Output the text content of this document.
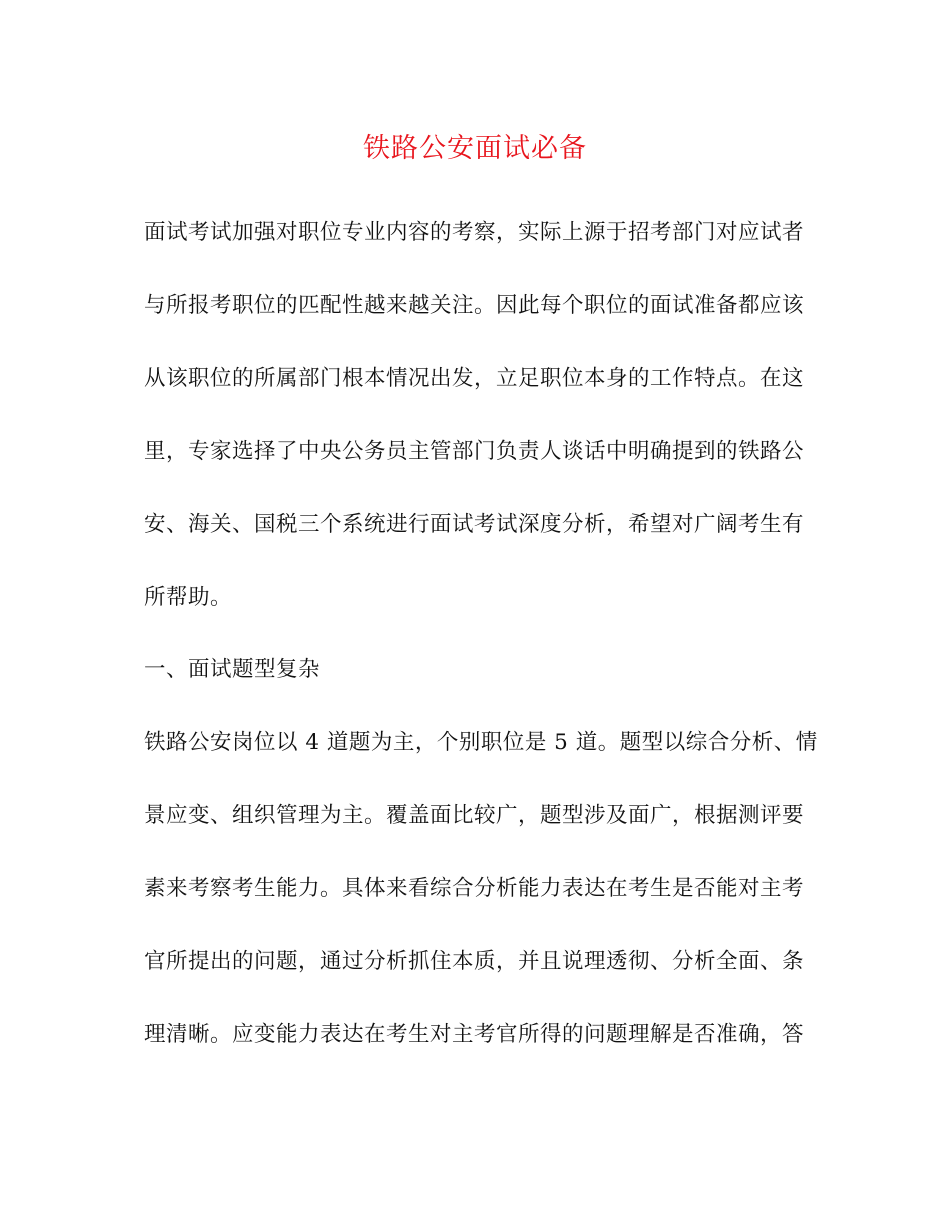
铁路公安面试必备
面试考试加强对职位专业内容的考察，实际上源于招考部门对应试者
与所报考职位的匹配性越来越关注。因此每个职位的面试准备都应该
从该职位的所属部门根本情况出发，立足职位本身的工作特点。在这
里，专家选择了中央公务员主管部门负责人谈话中明确提到的铁路公
安、海关、国税三个系统进行面试考试深度分析，希望对广阔考生有
所帮助。
一、面试题型复杂
铁路公安岗位以 4 道题为主，个别职位是 5 道。题型以综合分析、情
景应变、组织管理为主。覆盖面比较广，题型涉及面广，根据测评要
素来考察考生能力。具体来看综合分析能力表达在考生是否能对主考
官所提出的问题，通过分析抓住本质，并且说理透彻、分析全面、条
理清晰。应变能力表达在考生对主考官所得的问题理解是否准确，答
